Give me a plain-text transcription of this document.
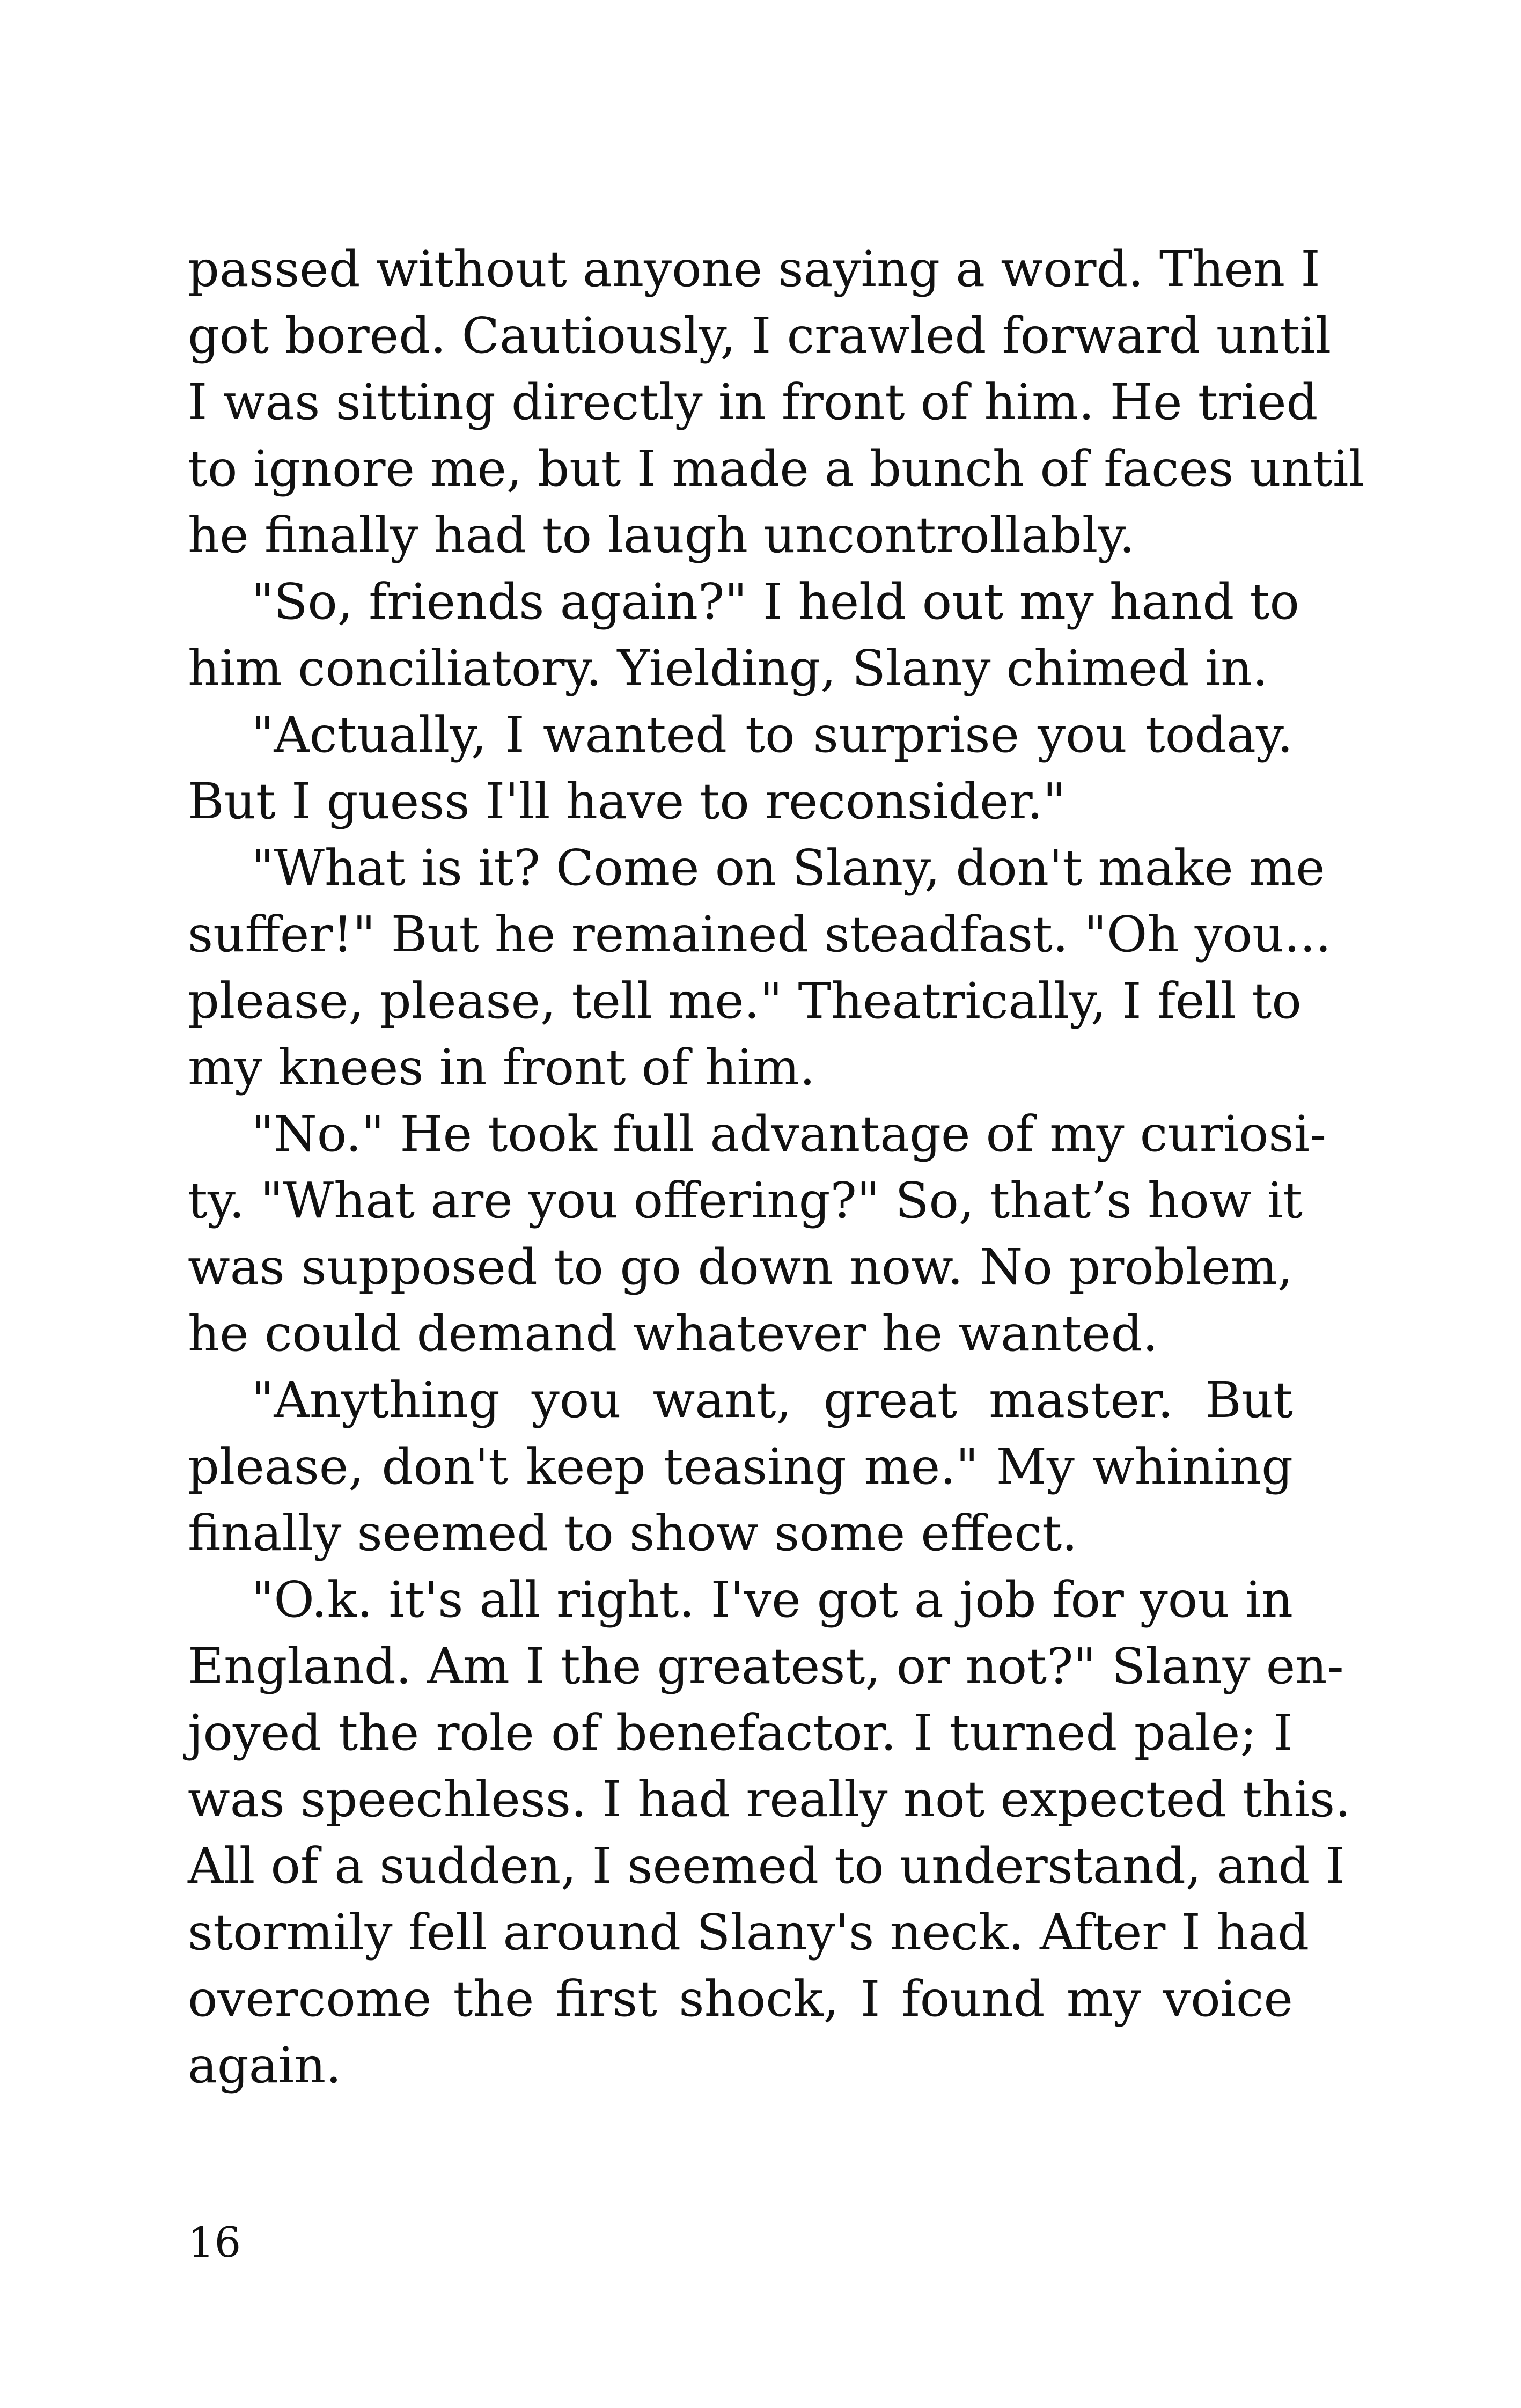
passed without anyone saying a word. Then I
got bored. Cautiously, I crawled forward until
I was sitting directly in front of him. He tried
to ignore me, but I made a bunch of faces until
he finally had to laugh uncontrollably.
"So, friends again?" I held out my hand to
him conciliatory. Yielding, Slany chimed in.
"Actually, I wanted to surprise you today.
But I guess I'll have to reconsider."
"What is it? Come on Slany, don't make me
suffer!" But he remained steadfast. "Oh you...
please, please, tell me." Theatrically, I fell to
my knees in front of him.
"No." He took full advantage of my curiosi-
ty. "What are you offering?" So, that’s how it
was supposed to go down now. No problem,
he could demand whatever he wanted.
"Anything you want, great master. But
please, don't keep teasing me." My whining
finally seemed to show some effect.
"O.k. it's all right. I've got a job for you in
England. Am I the greatest, or not?" Slany en-
joyed the role of benefactor. I turned pale; I
was speechless. I had really not expected this.
All of a sudden, I seemed to understand, and I
stormily fell around Slany's neck. After I had
overcome the first shock, I found my voice
again.
16
